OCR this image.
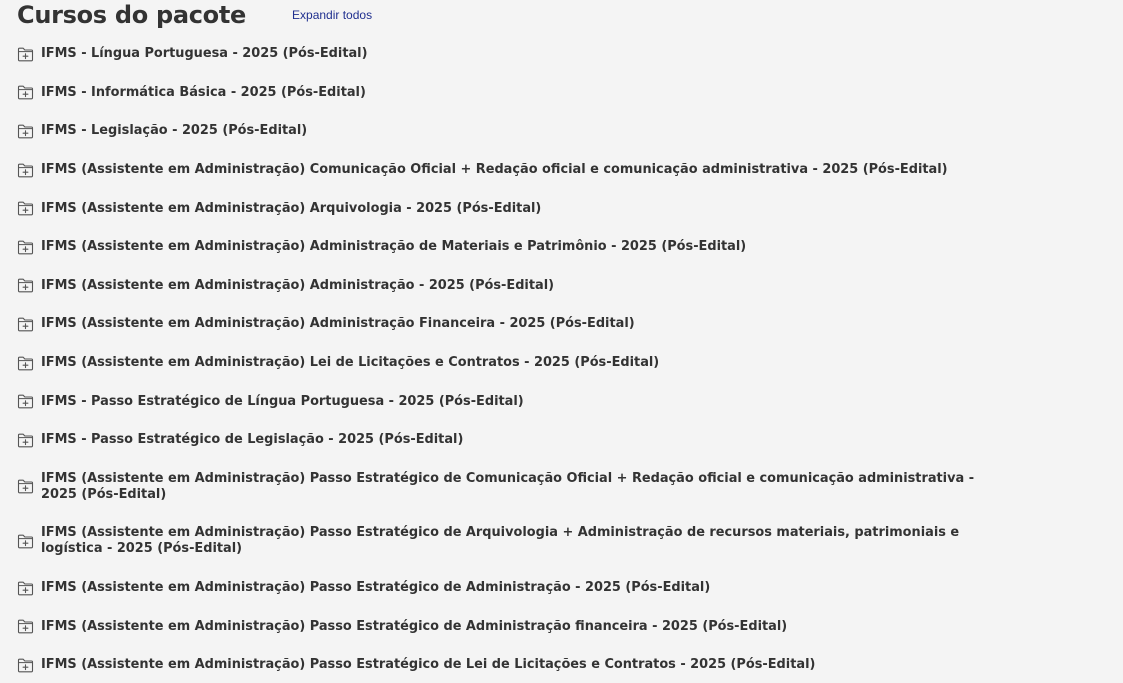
Cursos do pacote	Expandir todos
IFMS - Língua Portuguesa - 2025 (Pós-Edital)
IFMS - Informática Básica - 2025 (Pós-Edital)
IFMS - Legislação - 2025 (Pós-Edital)
IFMS (Assistente em Administração) Comunicação Oficial + Redação oficial e comunicação administrativa - 2025 (Pós-Edital)
IFMS (Assistente em Administração) Arquivologia - 2025 (Pós-Edital)
IFMS (Assistente em Administração) Administração de Materiais e Patrimônio - 2025 (Pós-Edital)
IFMS (Assistente em Administração) Administração - 2025 (Pós-Edital)
IFMS (Assistente em Administração) Administração Financeira - 2025 (Pós-Edital)
IFMS (Assistente em Administração) Lei de Licitações e Contratos - 2025 (Pós-Edital)
IFMS - Passo Estratégico de Língua Portuguesa - 2025 (Pós-Edital)
IFMS - Passo Estratégico de Legislação - 2025 (Pós-Edital)
IFMS (Assistente em Administração) Passo Estratégico de Comunicação Oficial + Redação oficial e comunicação administrativa - 2025 (Pós-Edital)
IFMS (Assistente em Administração) Passo Estratégico de Arquivologia + Administração de recursos materiais, patrimoniais e logística - 2025 (Pós-Edital)
IFMS (Assistente em Administração) Passo Estratégico de Administração - 2025 (Pós-Edital)
IFMS (Assistente em Administração) Passo Estratégico de Administração financeira - 2025 (Pós-Edital)
IFMS (Assistente em Administração) Passo Estratégico de Lei de Licitações e Contratos - 2025 (Pós-Edital)
